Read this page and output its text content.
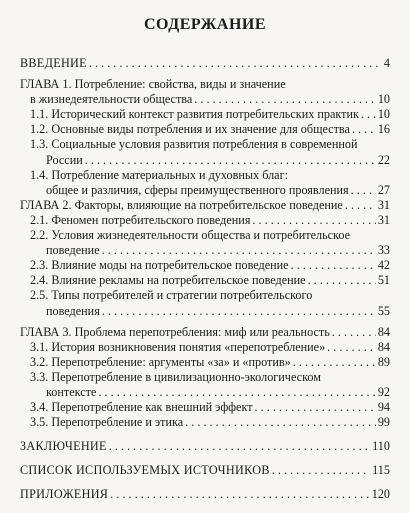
СОДЕРЖАНИЕ
ВВЕДЕНИЕ . . .	4
ГЛАВА 1. Потребление: свойства, виды и значение
в жизнедеятельности общества . . .	10
1.1. Исторический контекст развития потребительских практик . . . 10
1.2. Основные виды потребления и их значение для общества . . . 16
1.3. Социальные условия развития потребления в современной
России . . .	22
1.4. Потребление материальных и духовных благ:
общее и различия, сферы преимущественного проявления . . . 27
ГЛАВА 2. Факторы, влияющие на потребительское поведение . . .	31
2.1. Феномен потребительского поведения . . .	31
2.2. Условия жизнедеятельности общества и потребительское
поведение . . .	33
2.3. Влияние моды на потребительское поведение . . .	42
2.4. Влияние рекламы на потребительское поведение . . .	51
2.5. Типы потребителей и стратегии потребительского
поведения . . .	55
ГЛАВА 3. Проблема перепотребления: миф или реальность . . .	84
3.1. История возникновения понятия «перепотребление» . . .	84
3.2. Перепотребление: аргументы «за» и «против» . . .	89
3.3. Перепотребление в цивилизационно-экологическом
контексте . . .	92
3.4. Перепотребление как внешний эффект . . .	94
3.5. Перепотребление и этика . . .	99
ЗАКЛЮЧЕНИЕ . . .	110
СПИСОК ИСПОЛЬЗУЕМЫХ ИСТОЧНИКОВ . . .	115
ПРИЛОЖЕНИЯ . . .	120
